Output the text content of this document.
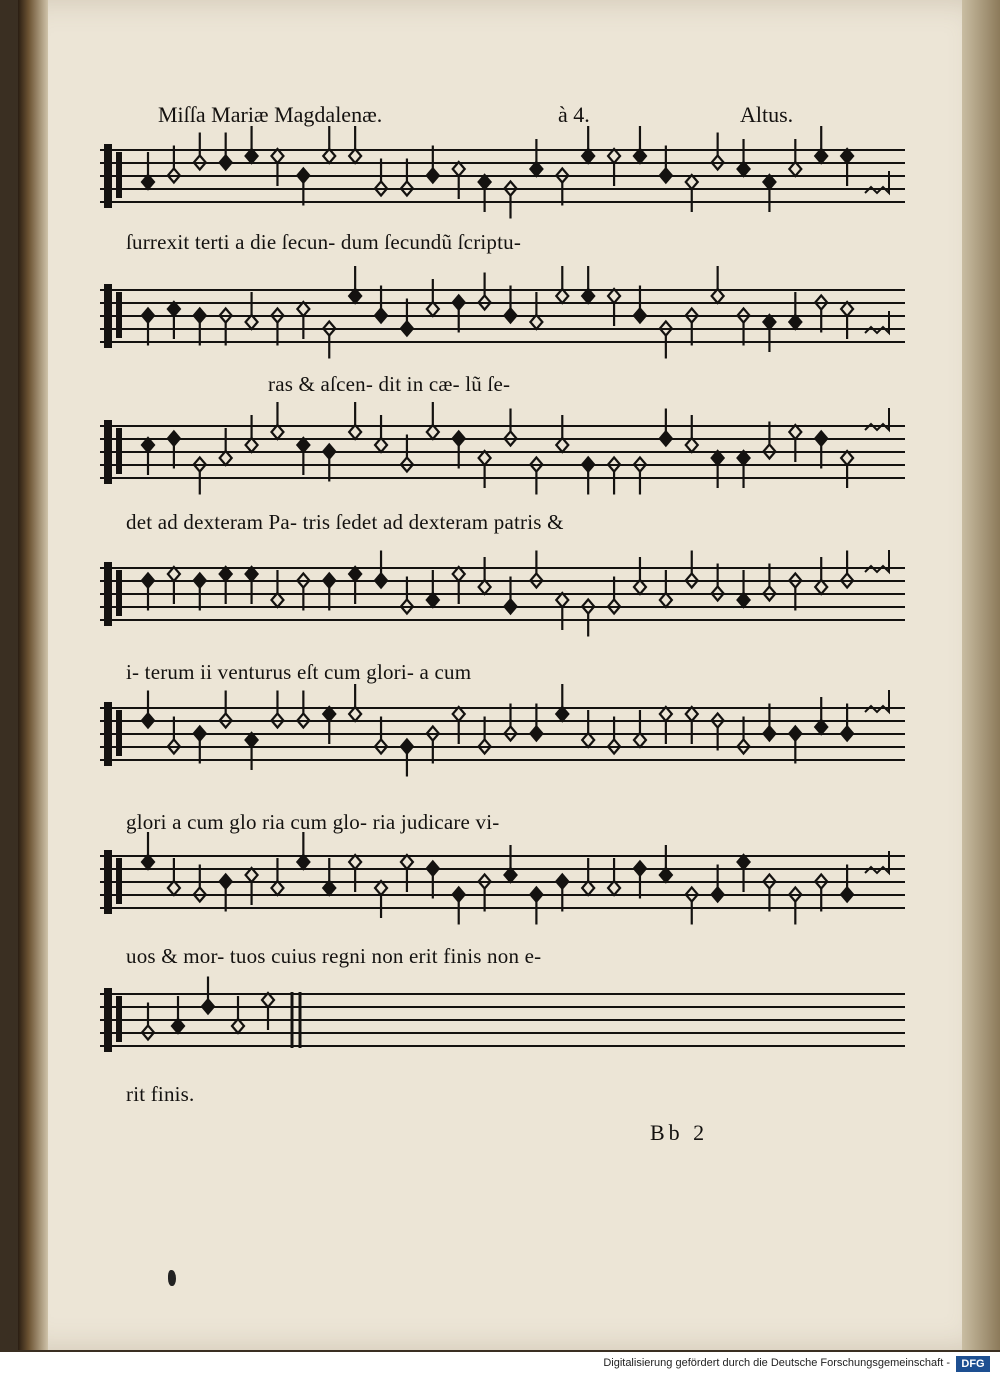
Miſſa Mariæ Magdalenæ.	à 4.	Altus.
ſurrexit terti a die ſecun- dum ſecundũ ſcriptu-
ras & aſcen- dit in cæ- lũ ſe-
det ad dexteram Pa- tris ſedet ad dexteram patris &
i- terum ii venturus eſt cum glori- a cum
glori a cum glo ria cum glo- ria judicare vi-
uos & mor- tuos cuius regni non erit finis non e-
rit finis.
Bb 2
Digitalisierung gefördert durch die Deutsche Forschungsgemeinschaft -	DFG
